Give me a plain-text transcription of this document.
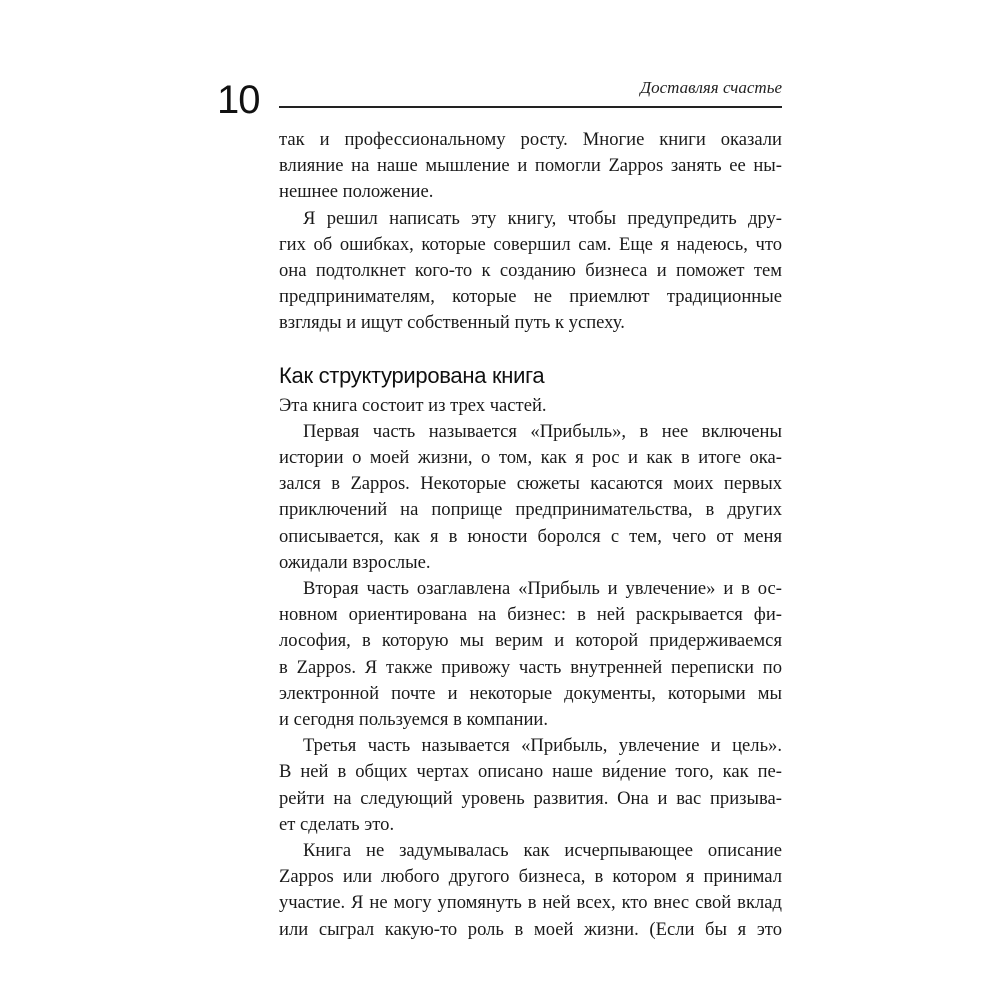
10	Доставляя счастье
так и профессиональному росту. Многие книги оказали
влияние на наше мышление и помогли Zappos занять ее ны-
нешнее положение.
Я решил написать эту книгу, чтобы предупредить дру-
гих об ошибках, которые совершил сам. Еще я надеюсь, что
она подтолкнет кого-то к созданию бизнеса и поможет тем
предпринимателям, которые не приемлют традиционные
взгляды и ищут собственный путь к успеху.
Как структурирована книга
Эта книга состоит из трех частей.
Первая часть называется «Прибыль», в нее включены
истории о моей жизни, о том, как я рос и как в итоге ока-
зался в Zappos. Некоторые сюжеты касаются моих первых
приключений на поприще предпринимательства, в других
описывается, как я в юности боролся с тем, чего от меня
ожидали взрослые.
Вторая часть озаглавлена «Прибыль и увлечение» и в ос-
новном ориентирована на бизнес: в ней раскрывается фи-
лософия, в которую мы верим и которой придерживаемся
в Zappos. Я также привожу часть внутренней переписки по
электронной почте и некоторые документы, которыми мы
и сегодня пользуемся в компании.
Третья часть называется «Прибыль, увлечение и цель».
В ней в общих чертах описано наше ви́дение того, как пе-
рейти на следующий уровень развития. Она и вас призыва-
ет сделать это.
Книга не задумывалась как исчерпывающее описание
Zappos или любого другого бизнеса, в котором я принимал
участие. Я не могу упомянуть в ней всех, кто внес свой вклад
или сыграл какую-то роль в моей жизни. (Если бы я это
